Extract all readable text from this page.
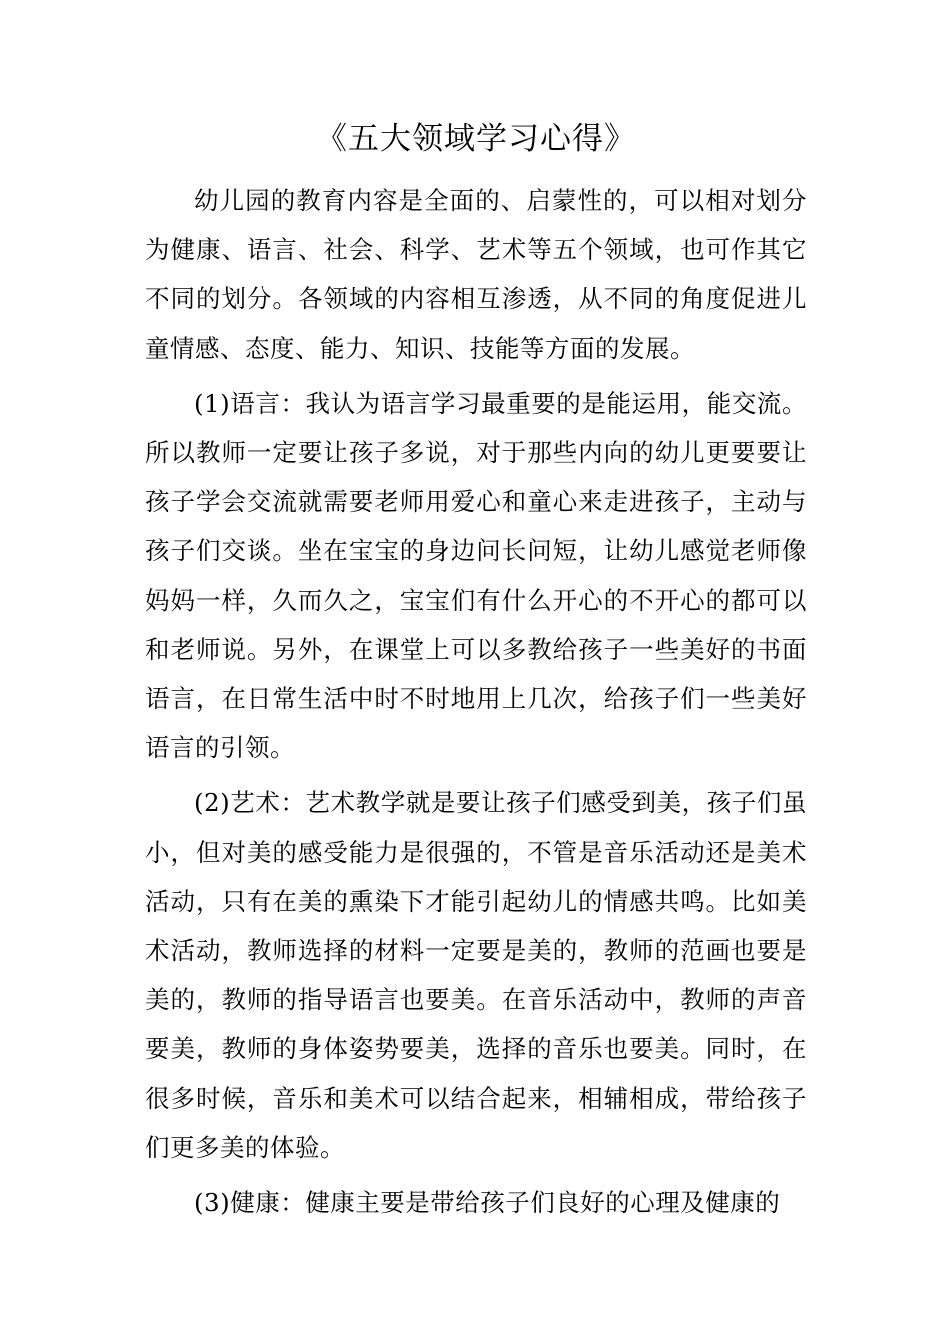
《五大领域学习心得》

幼儿园的教育内容是全面的、启蒙性的，可以相对划分为健康、语言、社会、科学、艺术等五个领域，也可作其它不同的划分。各领域的内容相互渗透，从不同的角度促进儿童情感、态度、能力、知识、技能等方面的发展。

(1)语言：我认为语言学习最重要的是能运用，能交流。所以教师一定要让孩子多说，对于那些内向的幼儿更要要让孩子学会交流就需要老师用爱心和童心来走进孩子，主动与孩子们交谈。坐在宝宝的身边问长问短，让幼儿感觉老师像妈妈一样，久而久之，宝宝们有什么开心的不开心的都可以和老师说。另外，在课堂上可以多教给孩子一些美好的书面语言，在日常生活中时不时地用上几次，给孩子们一些美好语言的引领。

(2)艺术：艺术教学就是要让孩子们感受到美，孩子们虽小，但对美的感受能力是很强的，不管是音乐活动还是美术活动，只有在美的熏染下才能引起幼儿的情感共鸣。比如美术活动，教师选择的材料一定要是美的，教师的范画也要是美的，教师的指导语言也要美。在音乐活动中，教师的声音要美，教师的身体姿势要美，选择的音乐也要美。同时，在很多时候，音乐和美术可以结合起来，相辅相成，带给孩子们更多美的体验。

(3)健康：健康主要是带给孩子们良好的心理及健康的
